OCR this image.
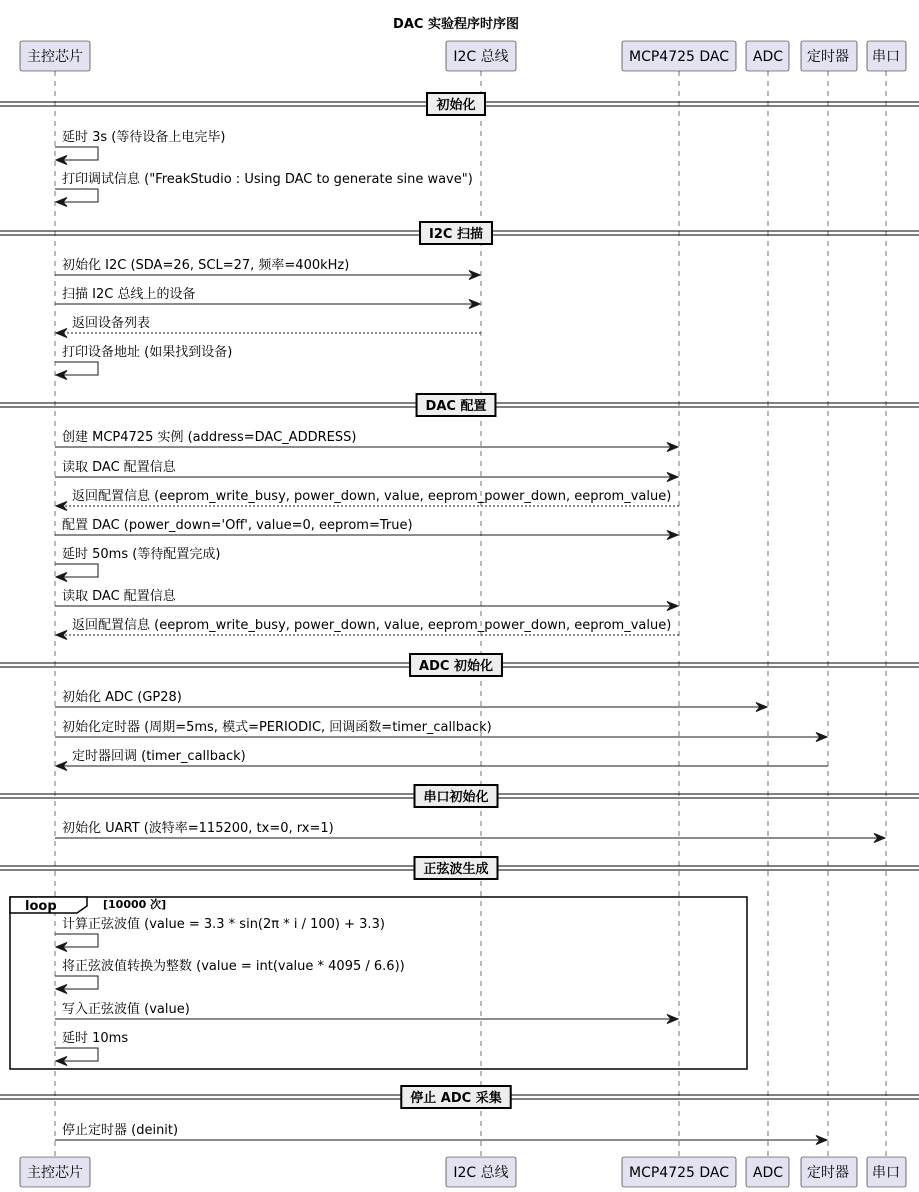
DAC 实验程序时序图
主控芯片	I2C 总线	MCP4725 DAC ADC 定时器 串口
主控芯片	I2C 总线	MCP4725 DAC ADC 定时器 串口
初始化
延时 3s (等待设备上电完毕)
打印调试信息 ("FreakStudio : Using DAC to generate sine wave")
I2C 扫描
初始化 I2C (SDA=26, SCL=27, 频率=400kHz)
扫描 I2C 总线上的设备
返回设备列表
打印设备地址 (如果找到设备)
DAC 配置
创建 MCP4725 实例 (address=DAC_ADDRESS)
读取 DAC 配置信息
返回配置信息 (eeprom_write_busy, power_down, value, eeprom_power_down, eeprom_value)
配置 DAC (power_down='Off', value=0, eeprom=True)
延时 50ms (等待配置完成)
读取 DAC 配置信息
返回配置信息 (eeprom_write_busy, power_down, value, eeprom_power_down, eeprom_value)
ADC 初始化
初始化 ADC (GP28)
初始化定时器 (周期=5ms, 模式=PERIODIC, 回调函数=timer_callback)
定时器回调 (timer_callback)
串口初始化
初始化 UART (波特率=115200, tx=0, rx=1)
正弦波生成
loop	[10000 次]
计算正弦波值 (value = 3.3 * sin(2π * i / 100) + 3.3)
将正弦波值转换为整数 (value = int(value * 4095 / 6.6))
写入正弦波值 (value)
延时 10ms
停止 ADC 采集
停止定时器 (deinit)
